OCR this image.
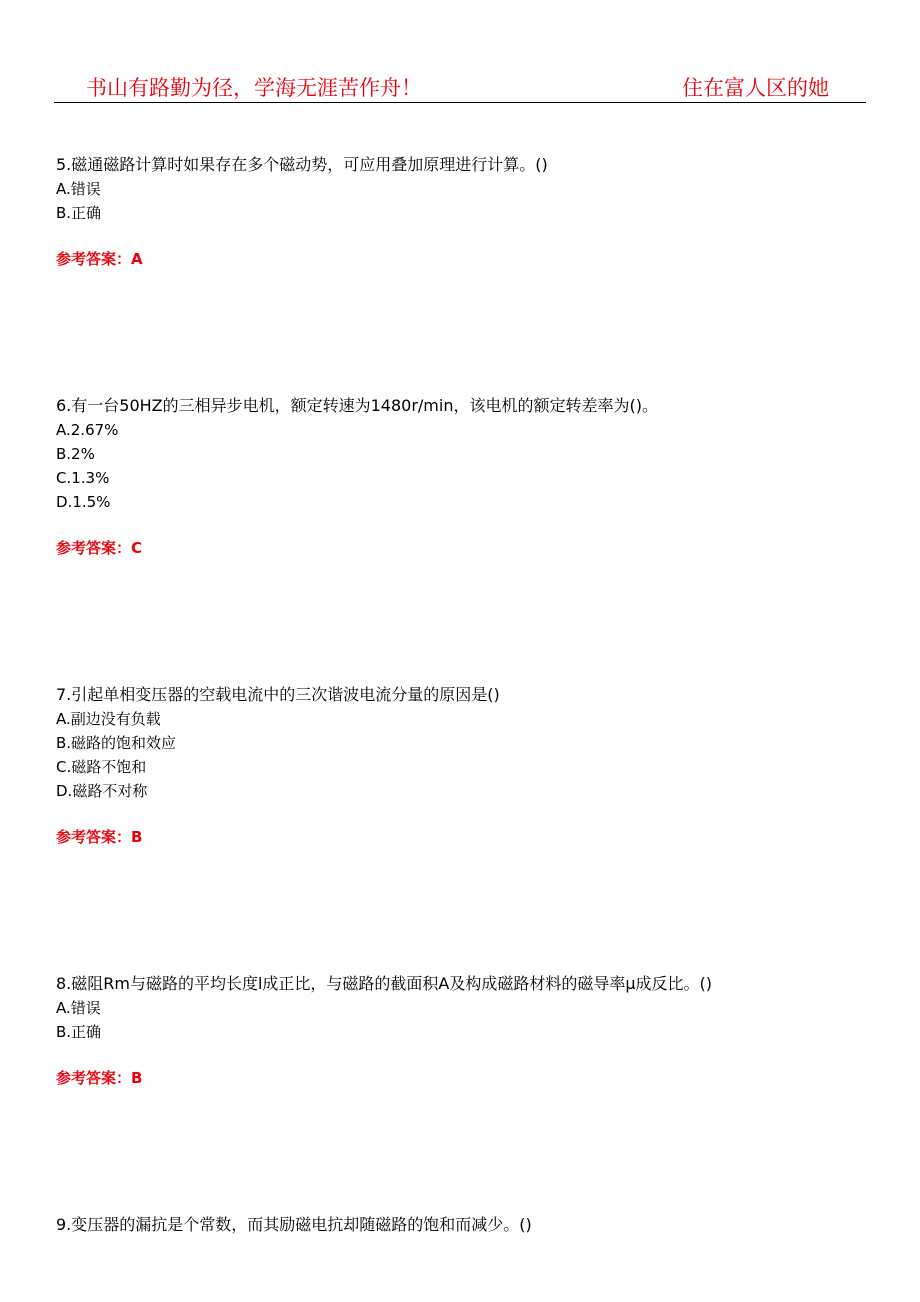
书山有路勤为径，学海无涯苦作舟！	住在富人区的她

5.磁通磁路计算时如果存在多个磁动势，可应用叠加原理进行计算。()

A.错误

B.正确

参考答案：A

6.有一台50HZ的三相异步电机，额定转速为1480r/min，该电机的额定转差率为()。

A.2.67%

B.2%

C.1.3%

D.1.5%

参考答案：C

7.引起单相变压器的空载电流中的三次谐波电流分量的原因是()

A.副边没有负载

B.磁路的饱和效应

C.磁路不饱和

D.磁路不对称

参考答案：B

8.磁阻Rm与磁路的平均长度l成正比，与磁路的截面积A及构成磁路材料的磁导率μ成反比。()

A.错误

B.正确

参考答案：B

9.变压器的漏抗是个常数，而其励磁电抗却随磁路的饱和而减少。()
